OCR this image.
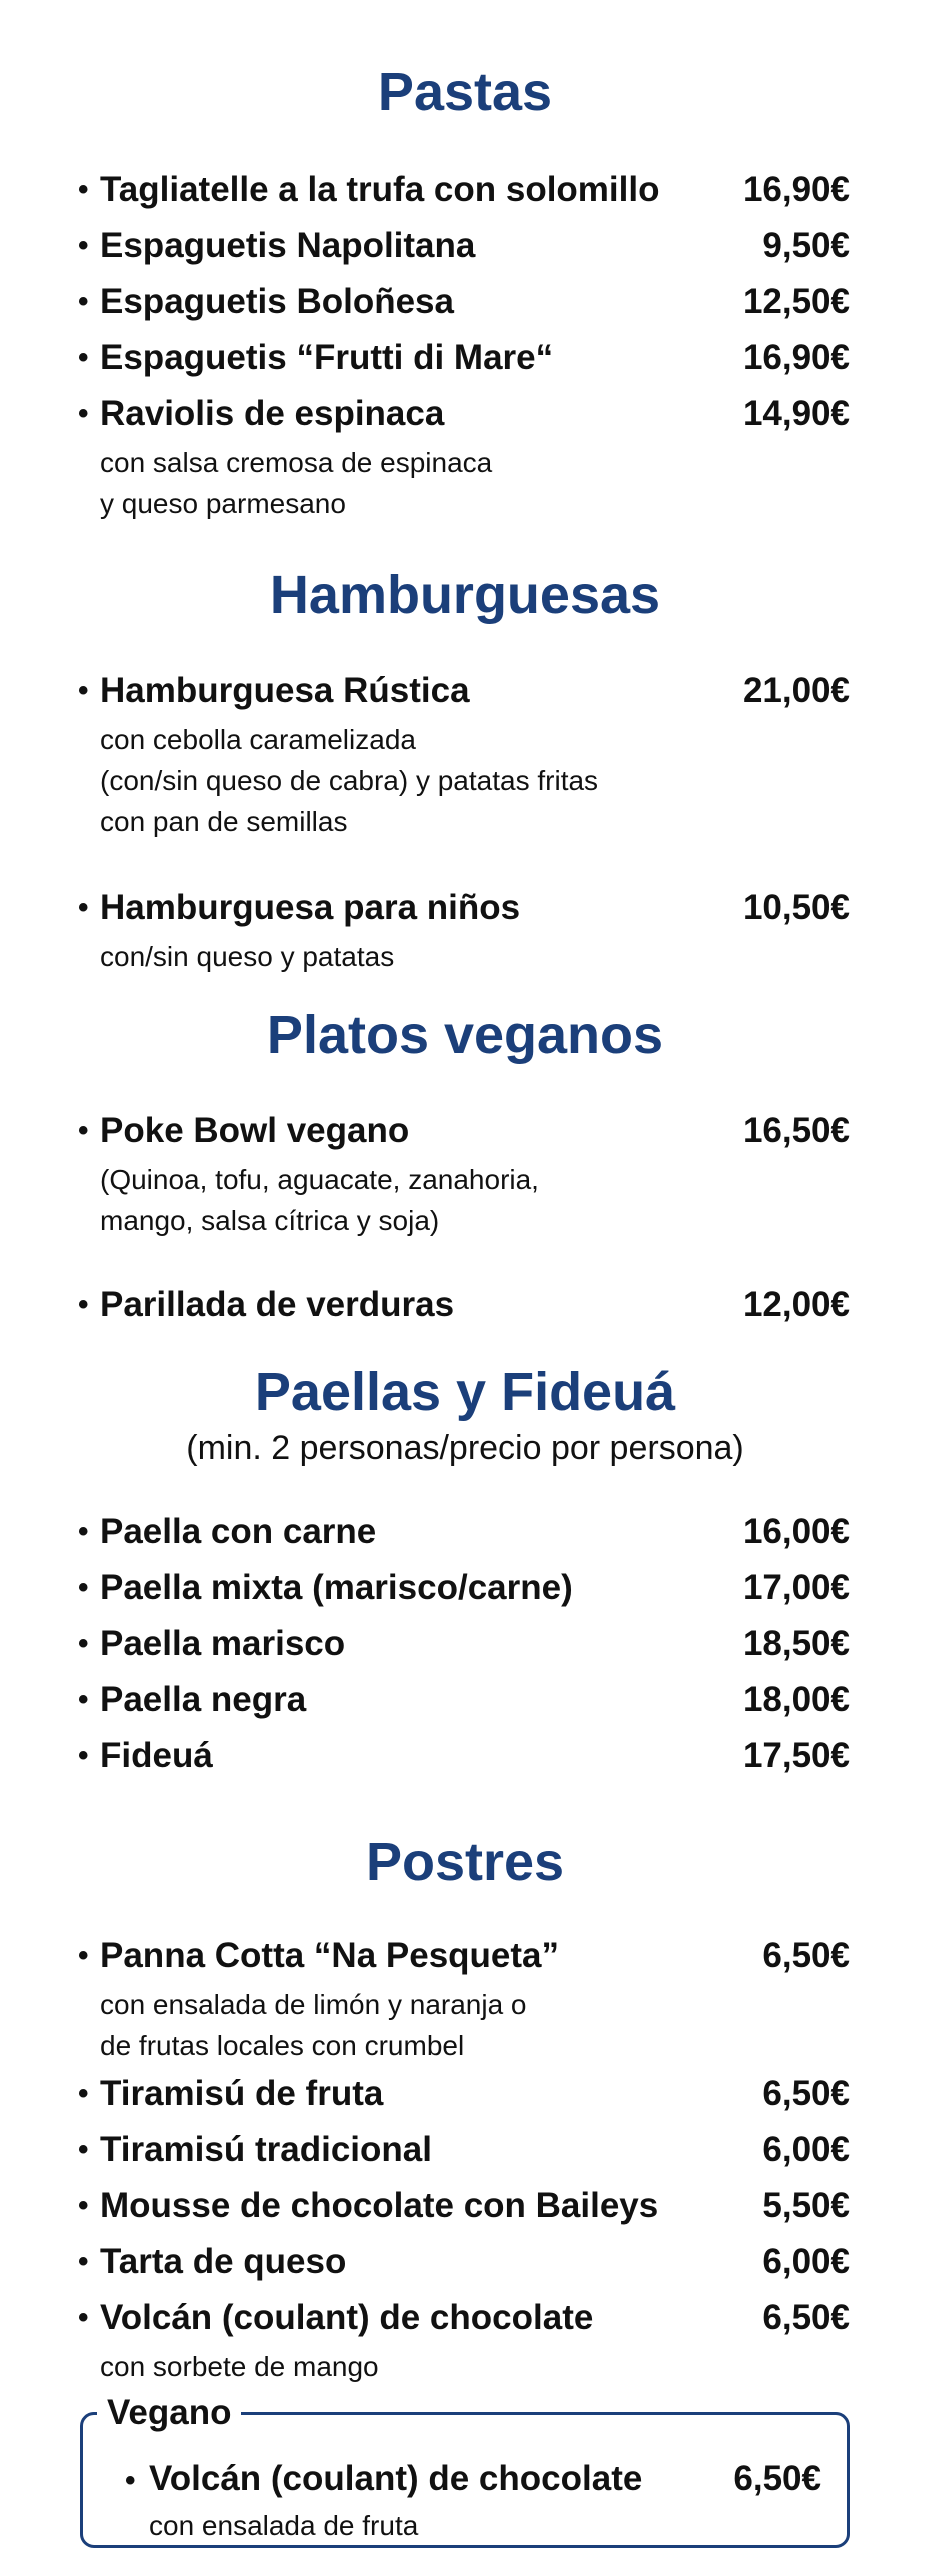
Pastas
• Tagliatelle a la trufa con solomillo 16,90€
• Espaguetis Napolitana	9,50€
• Espaguetis Boloñesa	12,50€
• Espaguetis “Frutti di Mare“	16,90€
• Raviolis de espinaca	14,90€
con salsa cremosa de espinaca
y queso parmesano
Hamburguesas
• Hamburguesa Rústica	21,00€
con cebolla caramelizada
(con/sin queso de cabra) y patatas fritas
con pan de semillas
• Hamburguesa para niños	10,50€
con/sin queso y patatas
Platos veganos
• Poke Bowl vegano	16,50€
(Quinoa, tofu, aguacate, zanahoria,
mango, salsa cítrica y soja)
• Parillada de verduras	12,00€
Paellas y Fideuá
(min. 2 personas/precio por persona)
• Paella con carne	16,00€
• Paella mixta (marisco/carne)	17,00€
• Paella marisco	18,50€
• Paella negra	18,00€
• Fideuá	17,50€
Postres
• Panna Cotta “Na Pesqueta”	6,50€
con ensalada de limón y naranja o
de frutas locales con crumbel
• Tiramisú de fruta	6,50€
• Tiramisú tradicional	6,00€
• Mousse de chocolate con Baileys	5,50€
• Tarta de queso	6,00€
• Volcán (coulant) de chocolate	6,50€
con sorbete de mango
Vegano
• Volcán (coulant) de chocolate	6,50€
con ensalada de fruta
